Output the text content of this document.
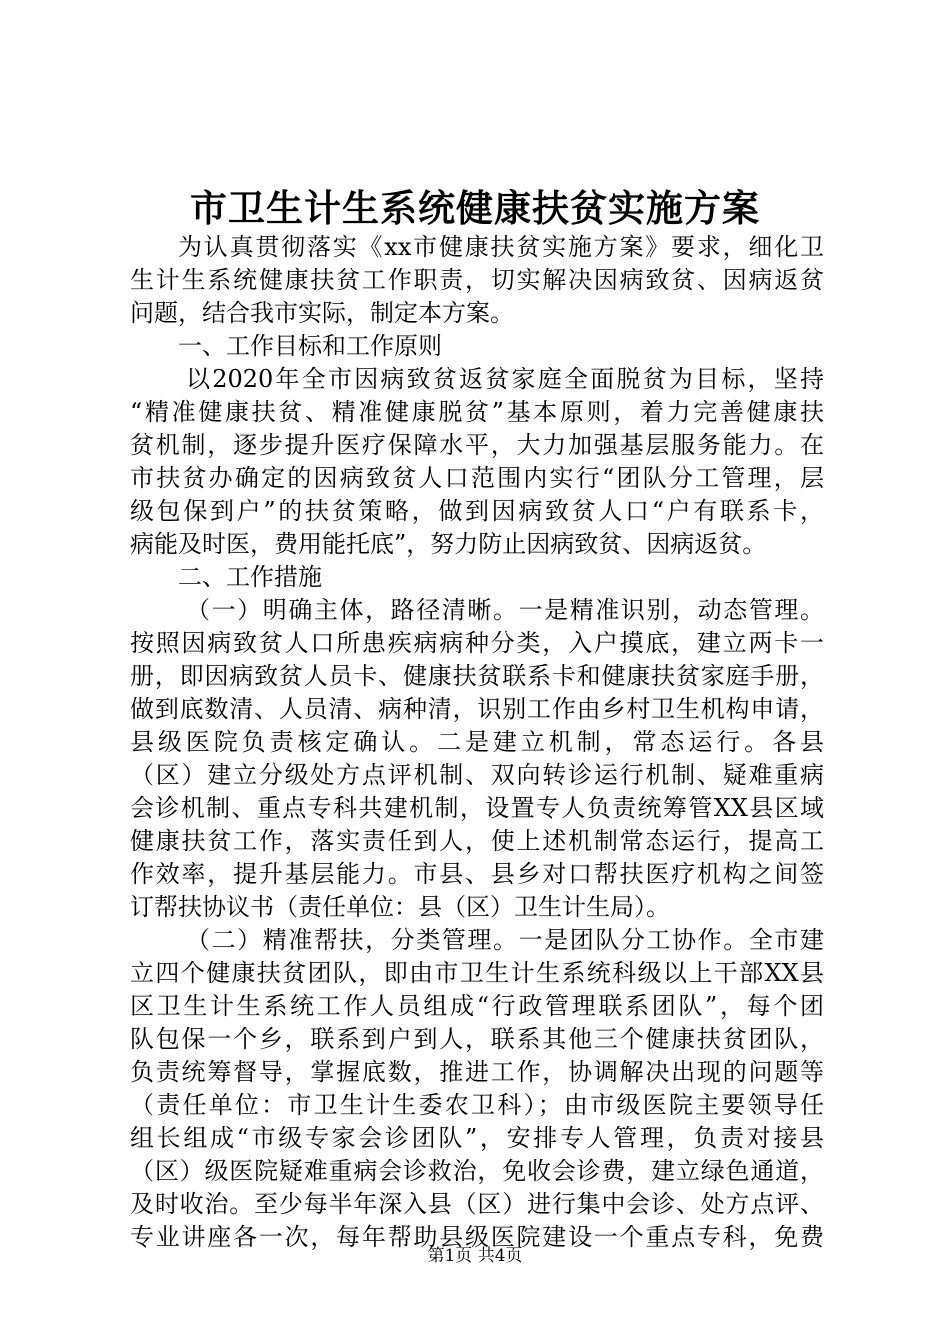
市卫生计生系统健康扶贫实施方案
为认真贯彻落实《xx市健康扶贫实施方案》要求，细化卫
生计生系统健康扶贫工作职责，切实解决因病致贫、因病返贫
问题，结合我市实际，制定本方案。
一、工作目标和工作原则
以2020年全市因病致贫返贫家庭全面脱贫为目标，坚持
“精准健康扶贫、精准健康脱贫”基本原则，着力完善健康扶
贫机制，逐步提升医疗保障水平，大力加强基层服务能力。在
市扶贫办确定的因病致贫人口范围内实行“团队分工管理，层
级包保到户”的扶贫策略，做到因病致贫人口“户有联系卡，
病能及时医，费用能托底”，努力防止因病致贫、因病返贫。
二、工作措施
（一）明确主体，路径清晰。一是精准识别，动态管理。
按照因病致贫人口所患疾病病种分类，入户摸底，建立两卡一
册，即因病致贫人员卡、健康扶贫联系卡和健康扶贫家庭手册，
做到底数清、人员清、病种清，识别工作由乡村卫生机构申请，
县级医院负责核定确认。二是建立机制，常态运行。各县
（区）建立分级处方点评机制、双向转诊运行机制、疑难重病
会诊机制、重点专科共建机制，设置专人负责统筹管XX县区域
健康扶贫工作，落实责任到人，使上述机制常态运行，提高工
作效率，提升基层能力。市县、县乡对口帮扶医疗机构之间签
订帮扶协议书（责任单位：县（区）卫生计生局）。
（二）精准帮扶，分类管理。一是团队分工协作。全市建
立四个健康扶贫团队，即由市卫生计生系统科级以上干部XX县
区卫生计生系统工作人员组成“行政管理联系团队”，每个团
队包保一个乡，联系到户到人，联系其他三个健康扶贫团队，
负责统筹督导，掌握底数，推进工作，协调解决出现的问题等
（责任单位：市卫生计生委农卫科）；由市级医院主要领导任
组长组成“市级专家会诊团队”，安排专人管理，负责对接县
（区）级医院疑难重病会诊救治，免收会诊费，建立绿色通道，
及时收治。至少每半年深入县（区）进行集中会诊、处方点评、
专业讲座各一次，每年帮助县级医院建设一个重点专科，免费
第1页 共4页
